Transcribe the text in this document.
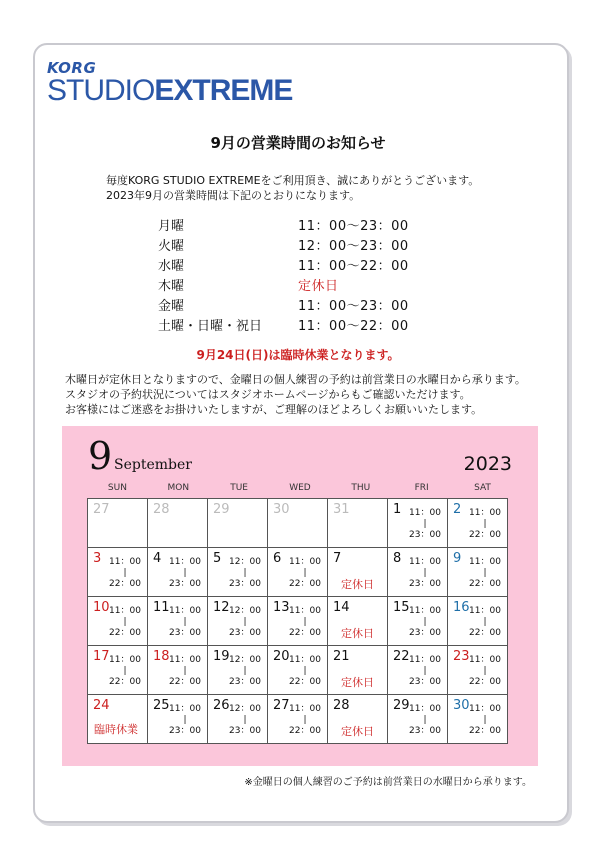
KORG
STUDIOEXTREME
9月の営業時間のお知らせ
毎度KORG STUDIO EXTREMEをご利用頂き、誠にありがとうございます。
2023年9月の営業時間は下記のとおりになります。
月曜	11：00～23：00
火曜	12：00～23：00
水曜	11：00～22：00
木曜	定休日
金曜	11：00～23：00
土曜・日曜・祝日	11：00～22：00
9月24日(日)は臨時休業となります。
木曜日が定休日となりますので、金曜日の個人練習の予約は前営業日の水曜日から承ります。
スタジオの予約状況についてはスタジオホームページからもご確認いただけます。
お客様にはご迷惑をお掛けいたしますが、ご理解のほどよろしくお願いいたします。
9 September	2023
SUN	MON	TUE	WED	THU	FRI	SAT
27	28	29	30	31	1 11：00
|
23：00	2 11：00
|
22：00

3 11：00
|
22：00	4 11：00
|
23：00	5 12：00
|
23：00	6 11：00
|
22：00	7
定休日	8 11：00
|
23：00	9 11：00
|
22：00

10 11：00
|
22：00	11 11：00
|
23：00	12 12：00
|
23：00	13 11：00
|
22：00	14
定休日	15 11：00
|
23：00	16 11：00
|
22：00

17 11：00
|
22：00	18 11：00
|
22：00	19 12：00
|
23：00	20 11：00
|
22：00	21
定休日	22 11：00
|
23：00	23 11：00
|
22：00

24
臨時休業	25 11：00
|
23：00	26 12：00
|
23：00	27 11：00
|
22：00	28
定休日	29 11：00
|
23：00	30 11：00
|
22：00
※金曜日の個人練習のご予約は前営業日の水曜日から承ります。
